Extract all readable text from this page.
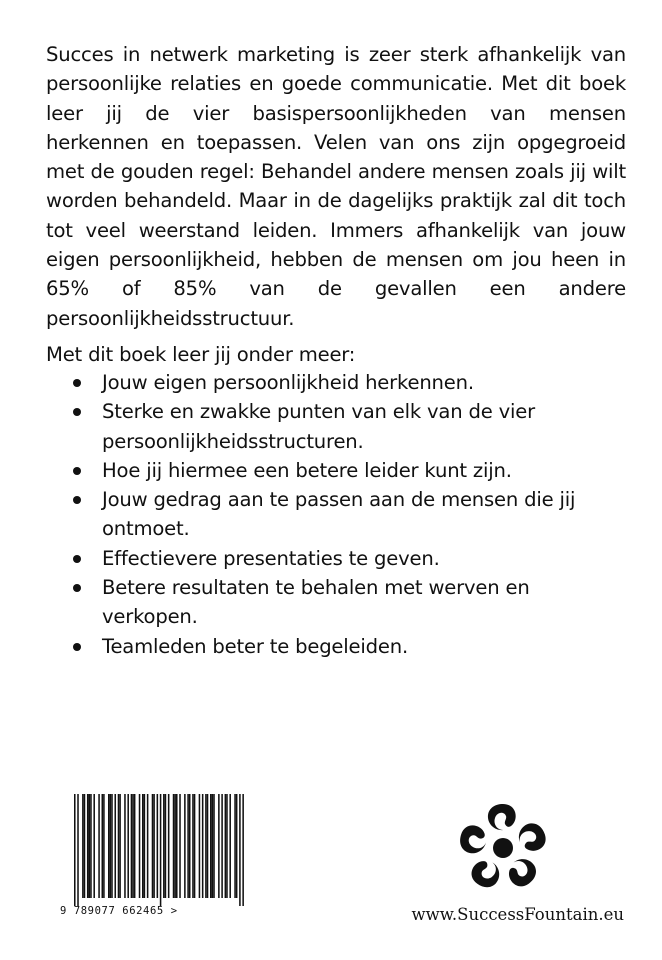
Succes in netwerk marketing is zeer sterk afhankelijk van persoonlijke relaties en goede communicatie. Met dit boek leer jij de vier basispersoonlijkheden van mensen herkennen en toepassen. Velen van ons zijn opgegroeid met de gouden regel: Behandel andere mensen zoals jij wilt worden behandeld. Maar in de dagelijks praktijk zal dit toch tot veel weerstand leiden. Immers afhankelijk van jouw eigen persoonlijkheid, hebben de mensen om jou heen in 65% of 85% van de gevallen een andere persoonlijkheidsstructuur.

Met dit boek leer jij onder meer:

Jouw eigen persoonlijkheid herkennen.
Sterke en zwakke punten van elk van de vier persoonlijkheidsstructuren.
Hoe jij hiermee een betere leider kunt zijn.
Jouw gedrag aan te passen aan de mensen die jij ontmoet.
Effectievere presentaties te geven.
Betere resultaten te behalen met werven en verkopen.
Teamleden beter te begeleiden.
9 789077 662465 >	www.SuccessFountain.eu
